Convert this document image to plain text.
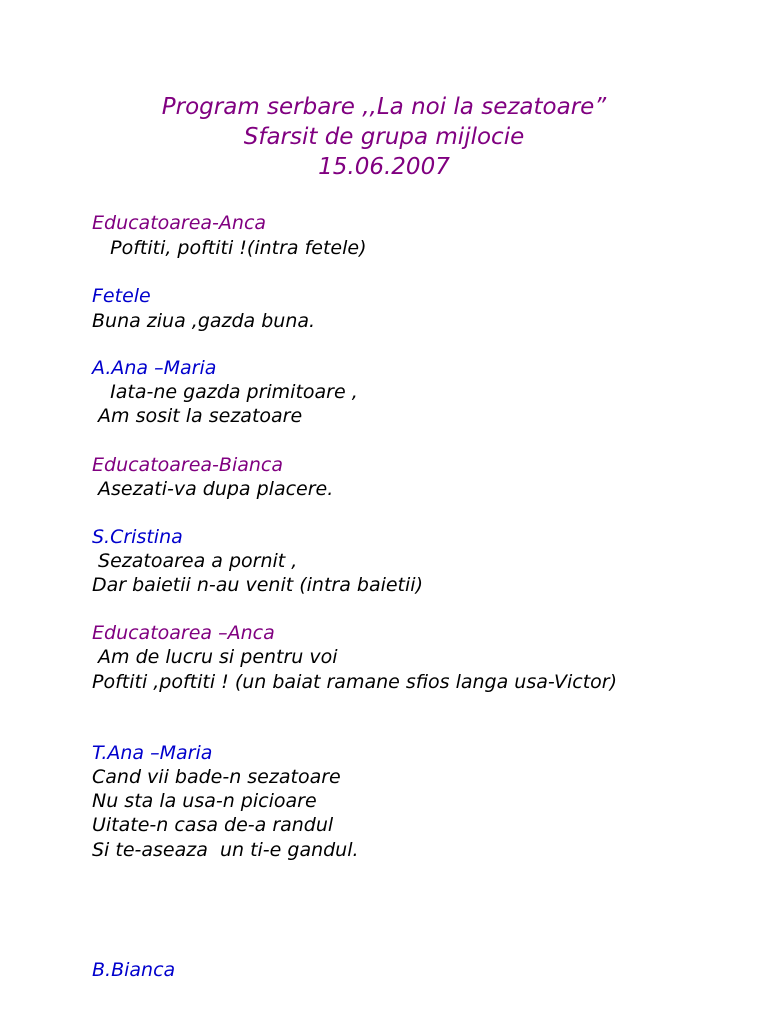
Program serbare ,,La noi la sezatoare”
Sfarsit de grupa mijlocie
15.06.2007
Educatoarea-Anca
Poftiti, poftiti !(intra fetele)
Fetele
Buna ziua ,gazda buna.
A.Ana –Maria
Iata-ne gazda primitoare ,
Am sosit la sezatoare
Educatoarea-Bianca
Asezati-va dupa placere.
S.Cristina
Sezatoarea a pornit ,
Dar baietii n-au venit (intra baietii)
Educatoarea –Anca
Am de lucru si pentru voi
Poftiti ,poftiti ! (un baiat ramane sfios langa usa-Victor)
T.Ana –Maria
Cand vii bade-n sezatoare
Nu sta la usa-n picioare
Uitate-n casa de-a randul
Si te-aseaza  un ti-e gandul.
B.Bianca
